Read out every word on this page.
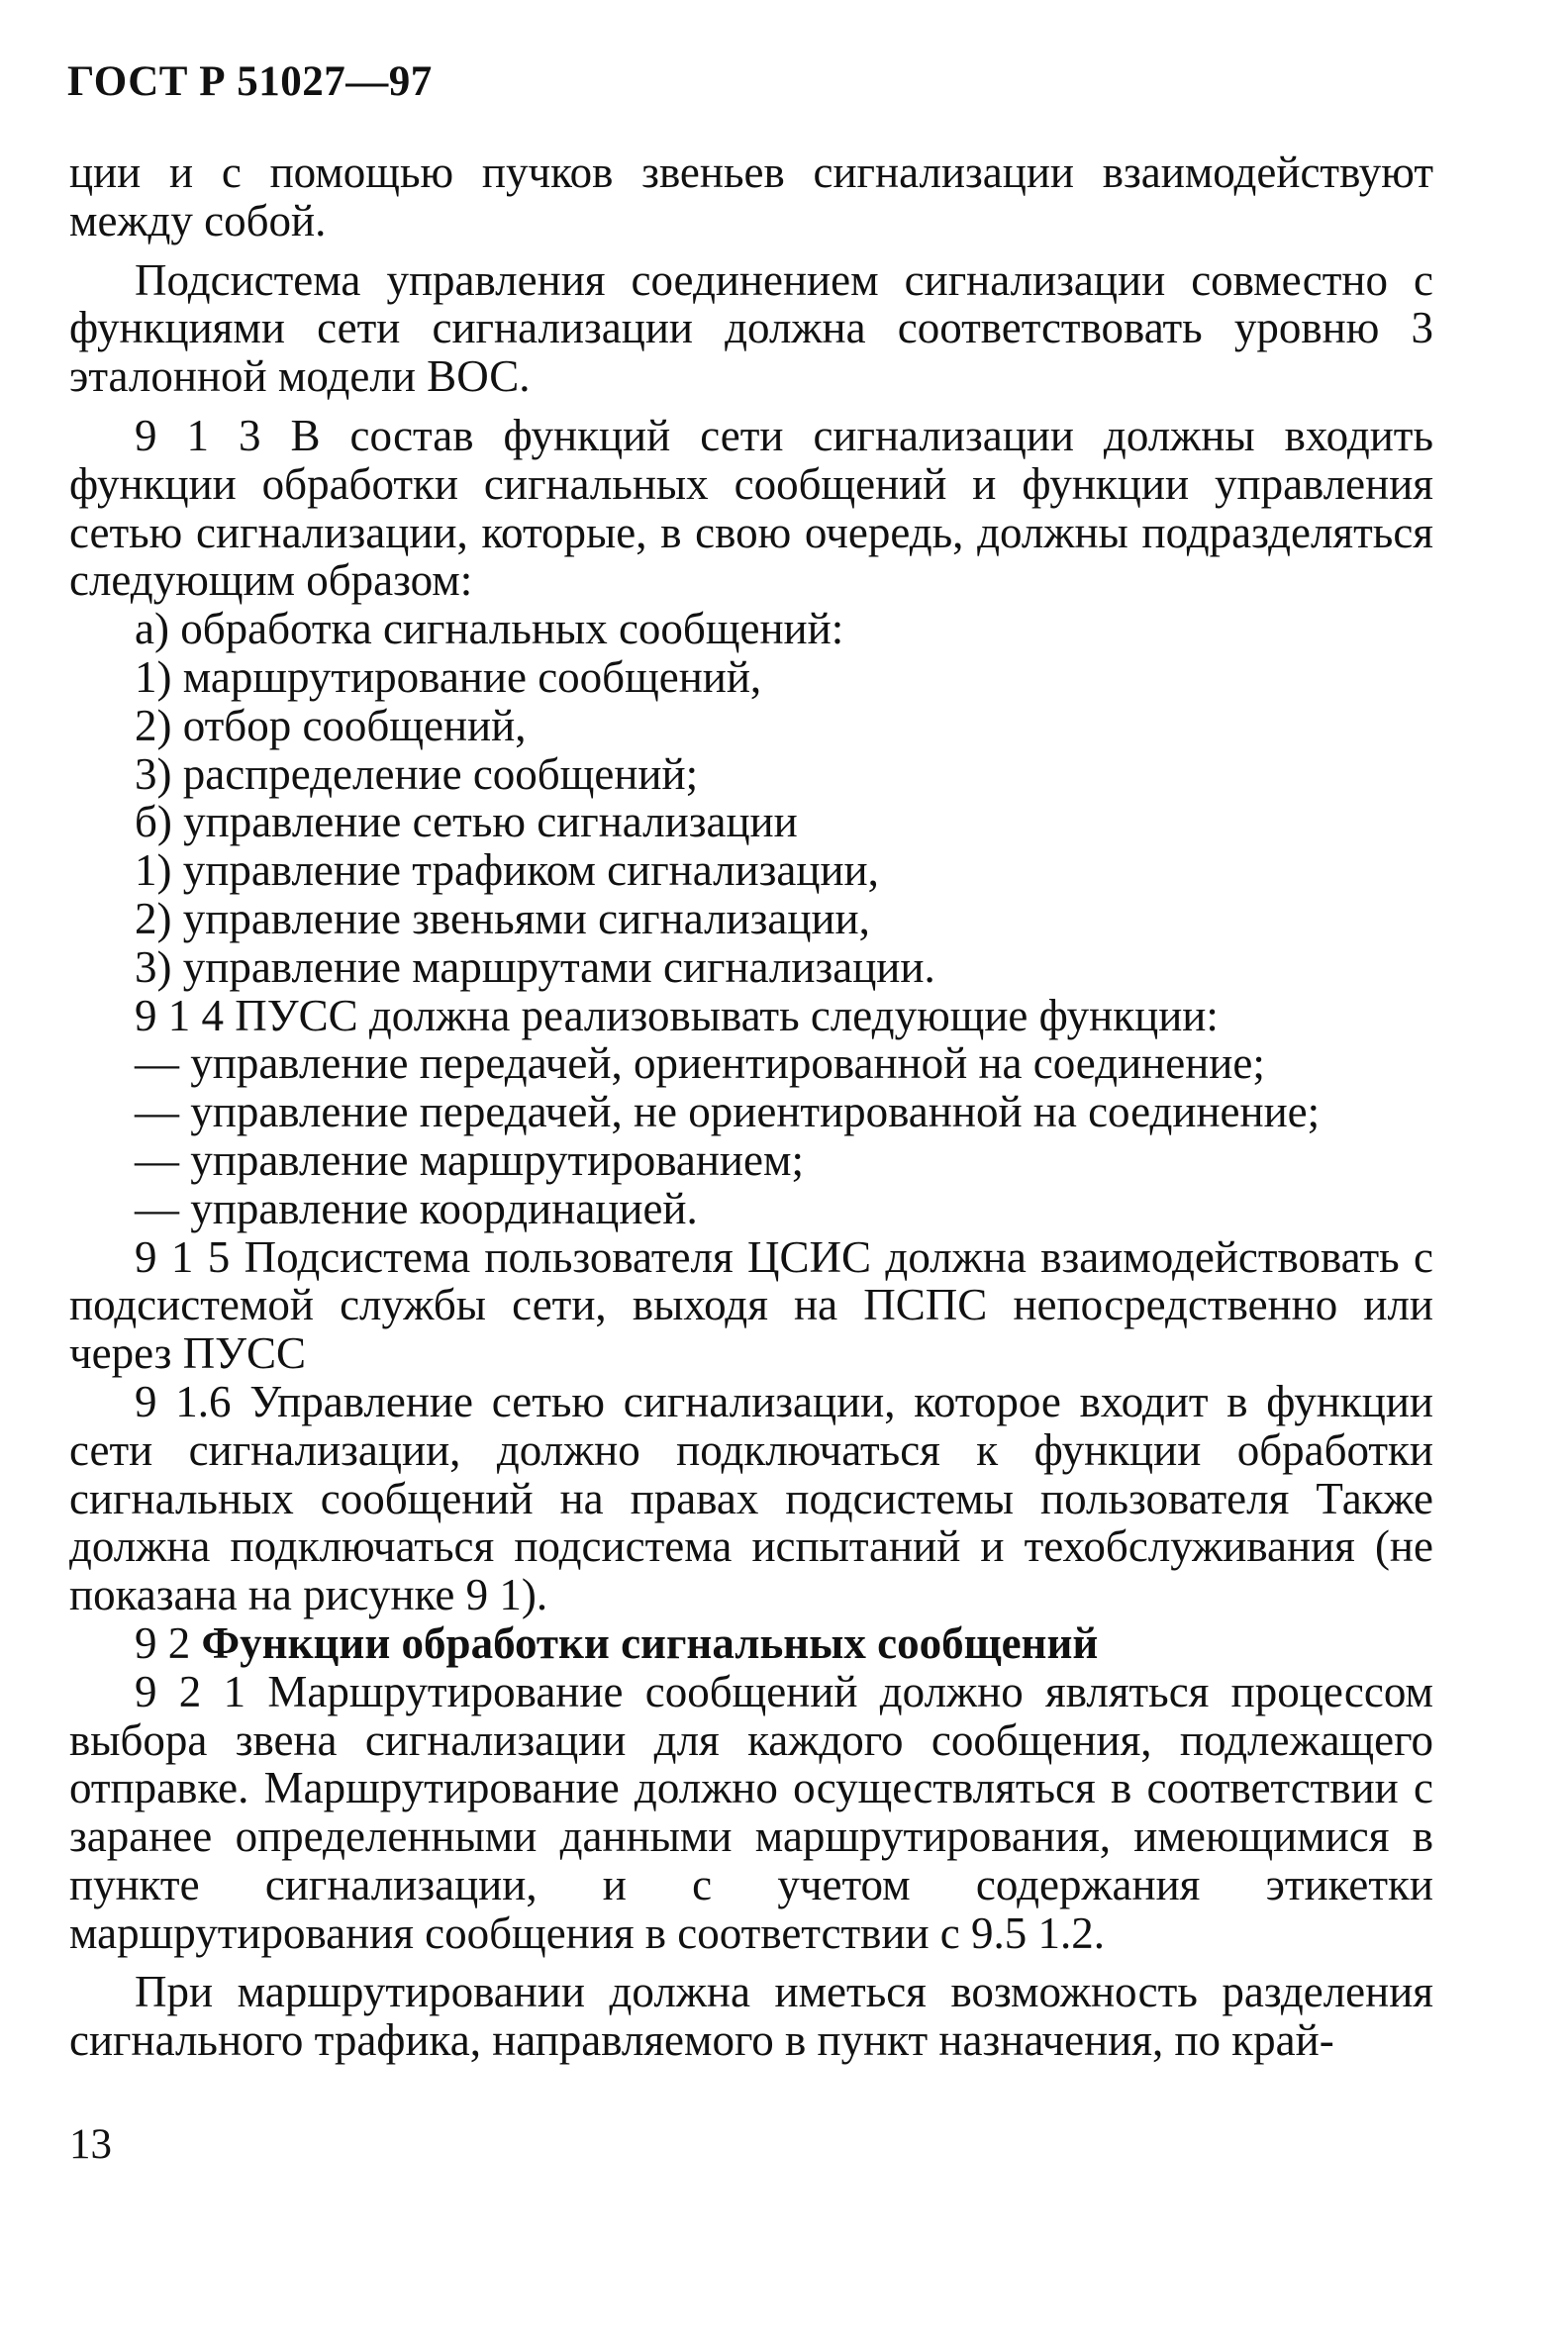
ГОСТ Р 51027—97

ции и с помощью пучков звеньев сигнализации взаимодействуют между собой.

Подсистема управления соединением сигнализации совместно с функциями сети сигнализации должна соответствовать уровню 3 эталонной модели ВОС.

9 1 3 В состав функций сети сигнализации должны входить функции обработки сигнальных сообщений и функции управления сетью сигнализации, которые, в свою очередь, должны подразделяться следующим образом:

а) обработка сигнальных сообщений:

1) маршрутирование сообщений,

2) отбор сообщений,

3) распределение сообщений;

б) управление сетью сигнализации

1) управление трафиком сигнализации,

2) управление звеньями сигнализации,

3) управление маршрутами сигнализации.

9 1 4 ПУСС должна реализовывать следующие функции:

— управление передачей, ориентированной на соединение;

— управление передачей, не ориентированной на соединение;

— управление маршрутированием;

— управление координацией.

9 1 5 Подсистема пользователя ЦСИС должна взаимодействовать с подсистемой службы сети, выходя на ПСПС непосредственно или через ПУСС

9 1.6 Управление сетью сигнализации, которое входит в функции сети сигнализации, должно подключаться к функции обработки сигнальных сообщений на правах подсистемы пользователя Также должна подключаться подсистема испытаний и техобслуживания (не показана на рисунке 9 1).

9 2 Функции обработки сигнальных сообщений

9 2 1 Маршрутирование сообщений должно являться процессом выбора звена сигнализации для каждого сообщения, подлежащего отправке. Маршрутирование должно осуществляться в соответствии с заранее определенными данными маршрутирования, имеющимися в пункте сигнализации, и с учетом содержания этикетки маршрутирования сообщения в соответствии с 9.5 1.2.

При маршрутировании должна иметься возможность разделения сигнального трафика, направляемого в пункт назначения, по край-

13
